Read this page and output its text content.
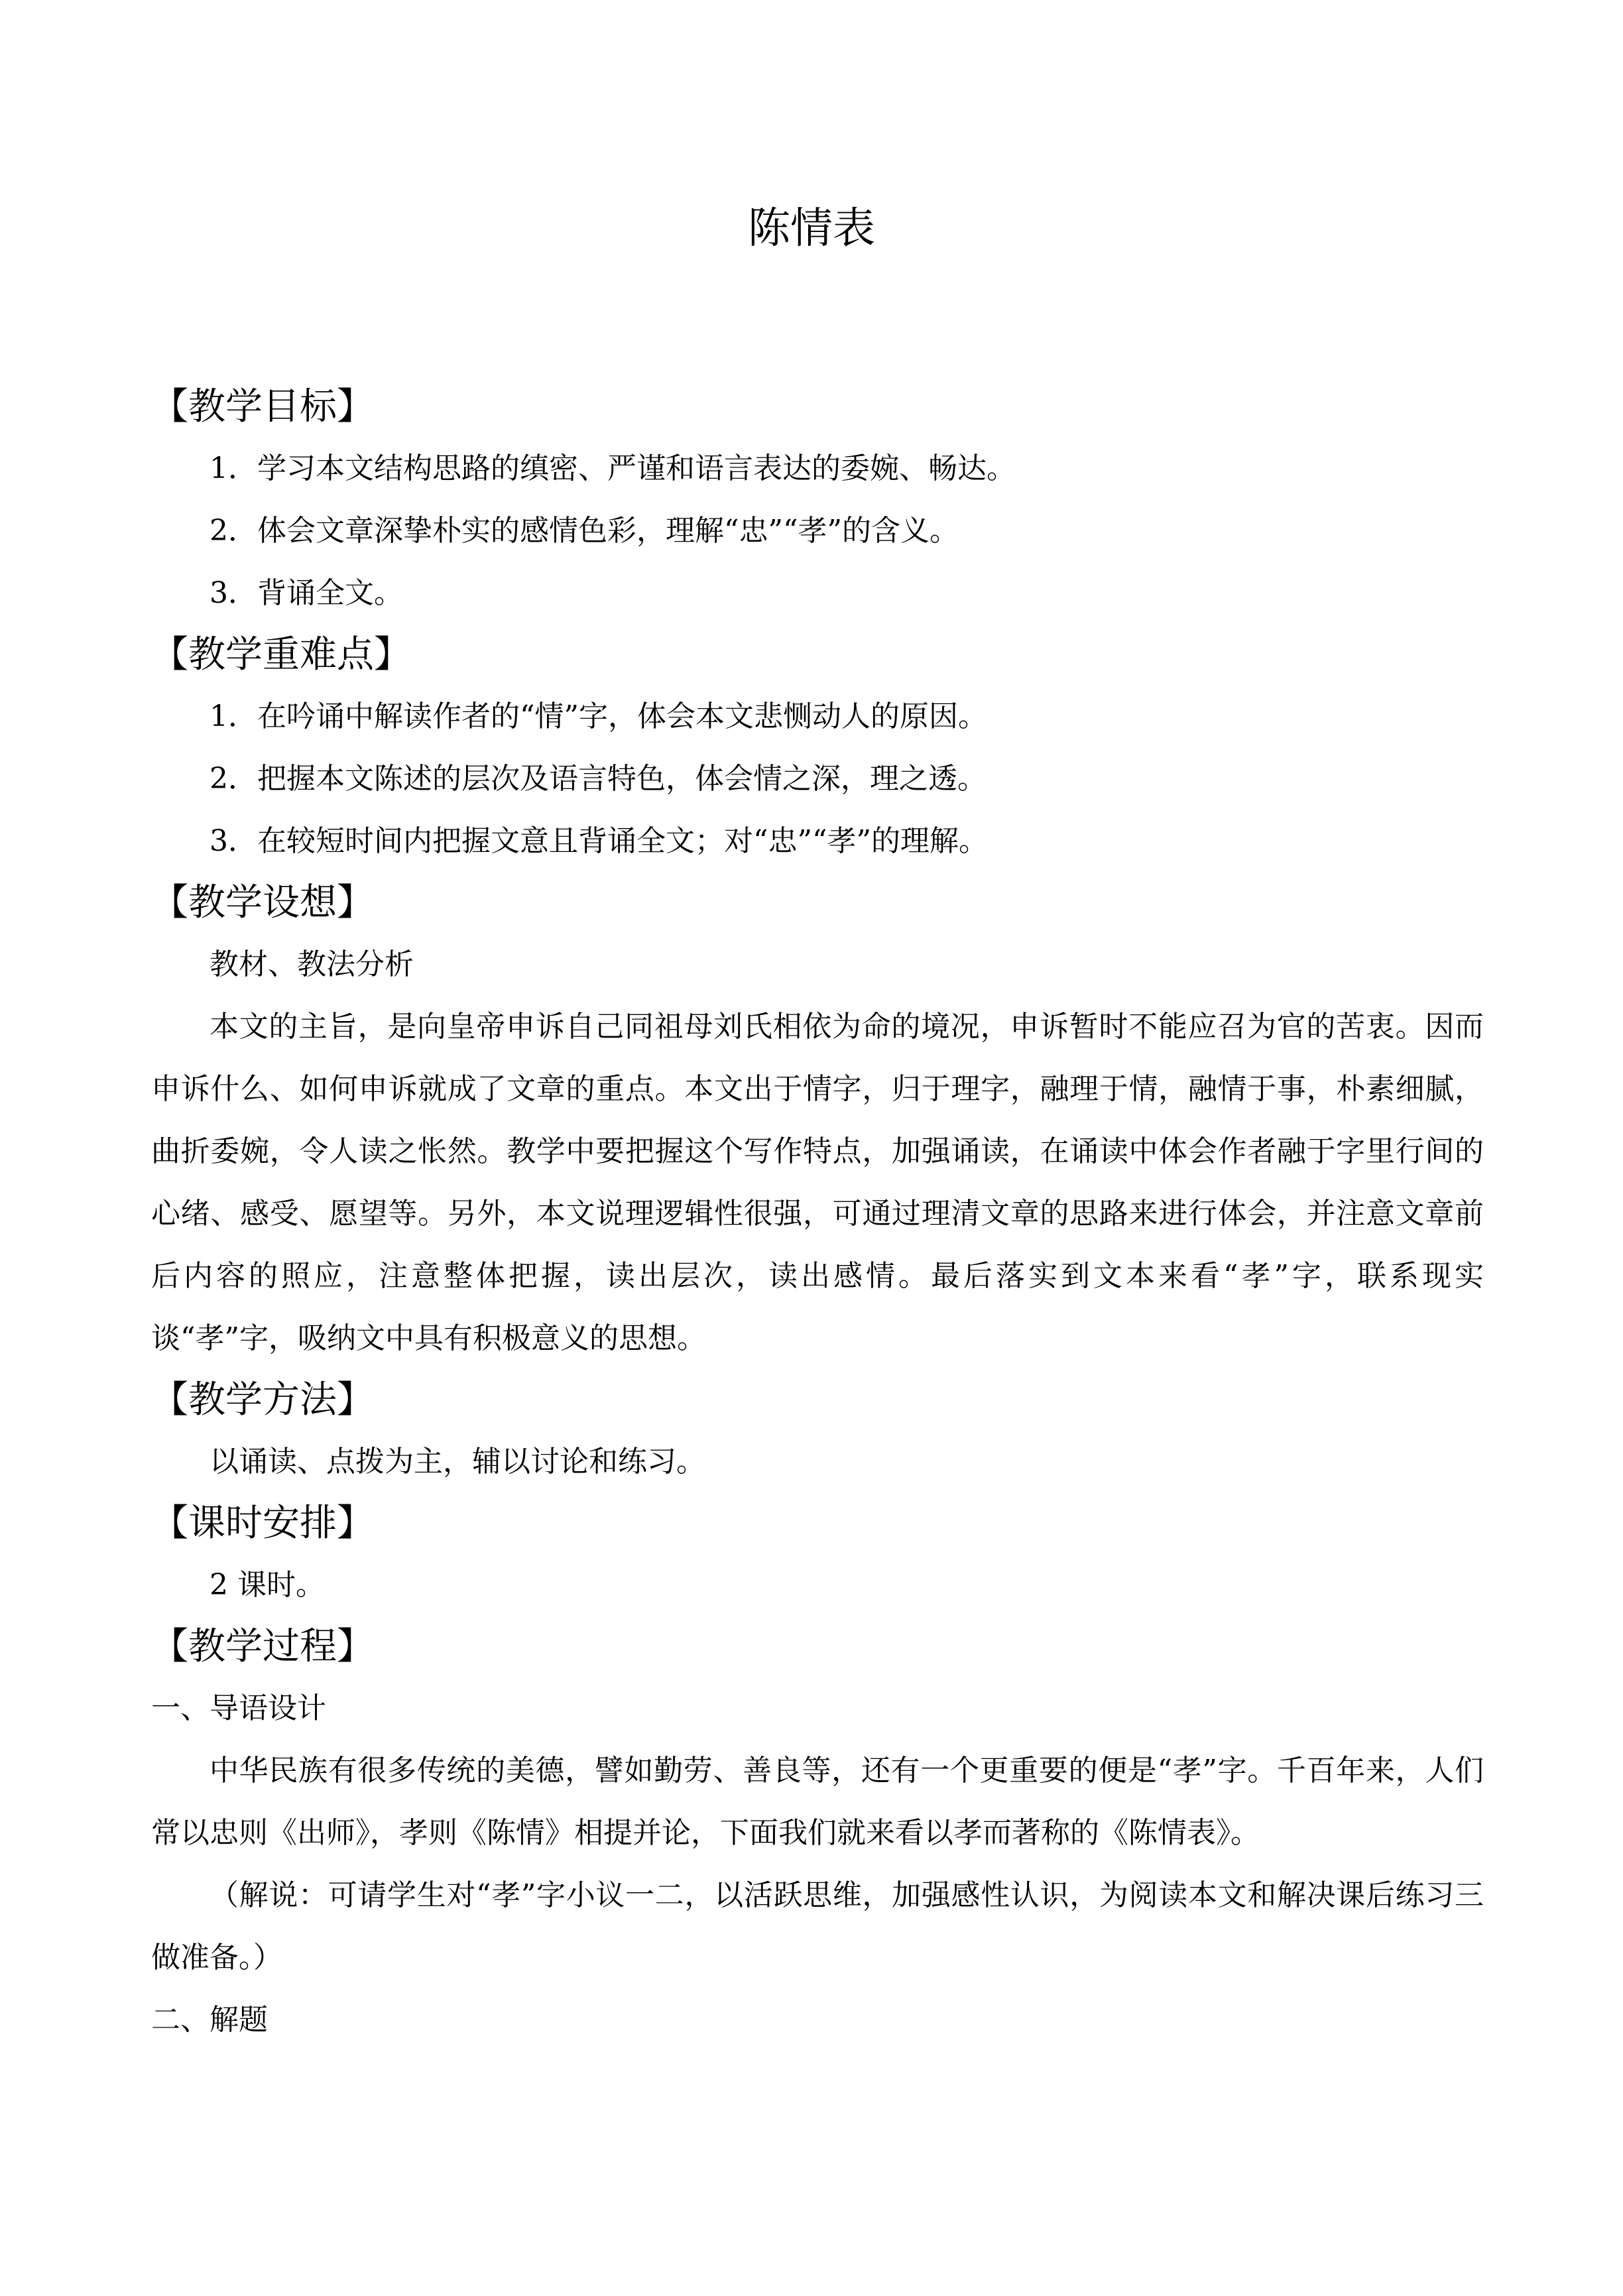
陈情表
【教学目标】

1．学习本文结构思路的缜密、严谨和语言表达的委婉、畅达。

2．体会文章深挚朴实的感情色彩，理解“忠”“孝”的含义。

3．背诵全文。

【教学重难点】

1．在吟诵中解读作者的“情”字，体会本文悲恻动人的原因。

2．把握本文陈述的层次及语言特色，体会情之深，理之透。

3．在较短时间内把握文意且背诵全文；对“忠”“孝”的理解。

【教学设想】

教材、教法分析

本文的主旨，是向皇帝申诉自己同祖母刘氏相依为命的境况，申诉暂时不能应召为官的苦衷。因而申诉什么、如何申诉就成了文章的重点。本文出于情字，归于理字，融理于情，融情于事，朴素细腻，曲折委婉，令人读之怅然。教学中要把握这个写作特点，加强诵读，在诵读中体会作者融于字里行间的心绪、感受、愿望等。另外，本文说理逻辑性很强，可通过理清文章的思路来进行体会，并注意文章前后内容的照应，注意整体把握，读出层次，读出感情。最后落实到文本来看“孝”字，联系现实谈“孝”字，吸纳文中具有积极意义的思想。

【教学方法】

以诵读、点拨为主，辅以讨论和练习。

【课时安排】

2 课时。

【教学过程】

一、导语设计

中华民族有很多传统的美德，譬如勤劳、善良等，还有一个更重要的便是“孝”字。千百年来，人们常以忠则《出师》，孝则《陈情》相提并论，下面我们就来看以孝而著称的《陈情表》。

（解说：可请学生对“孝”字小议一二，以活跃思维，加强感性认识，为阅读本文和解决课后练习三做准备。）

二、解题
